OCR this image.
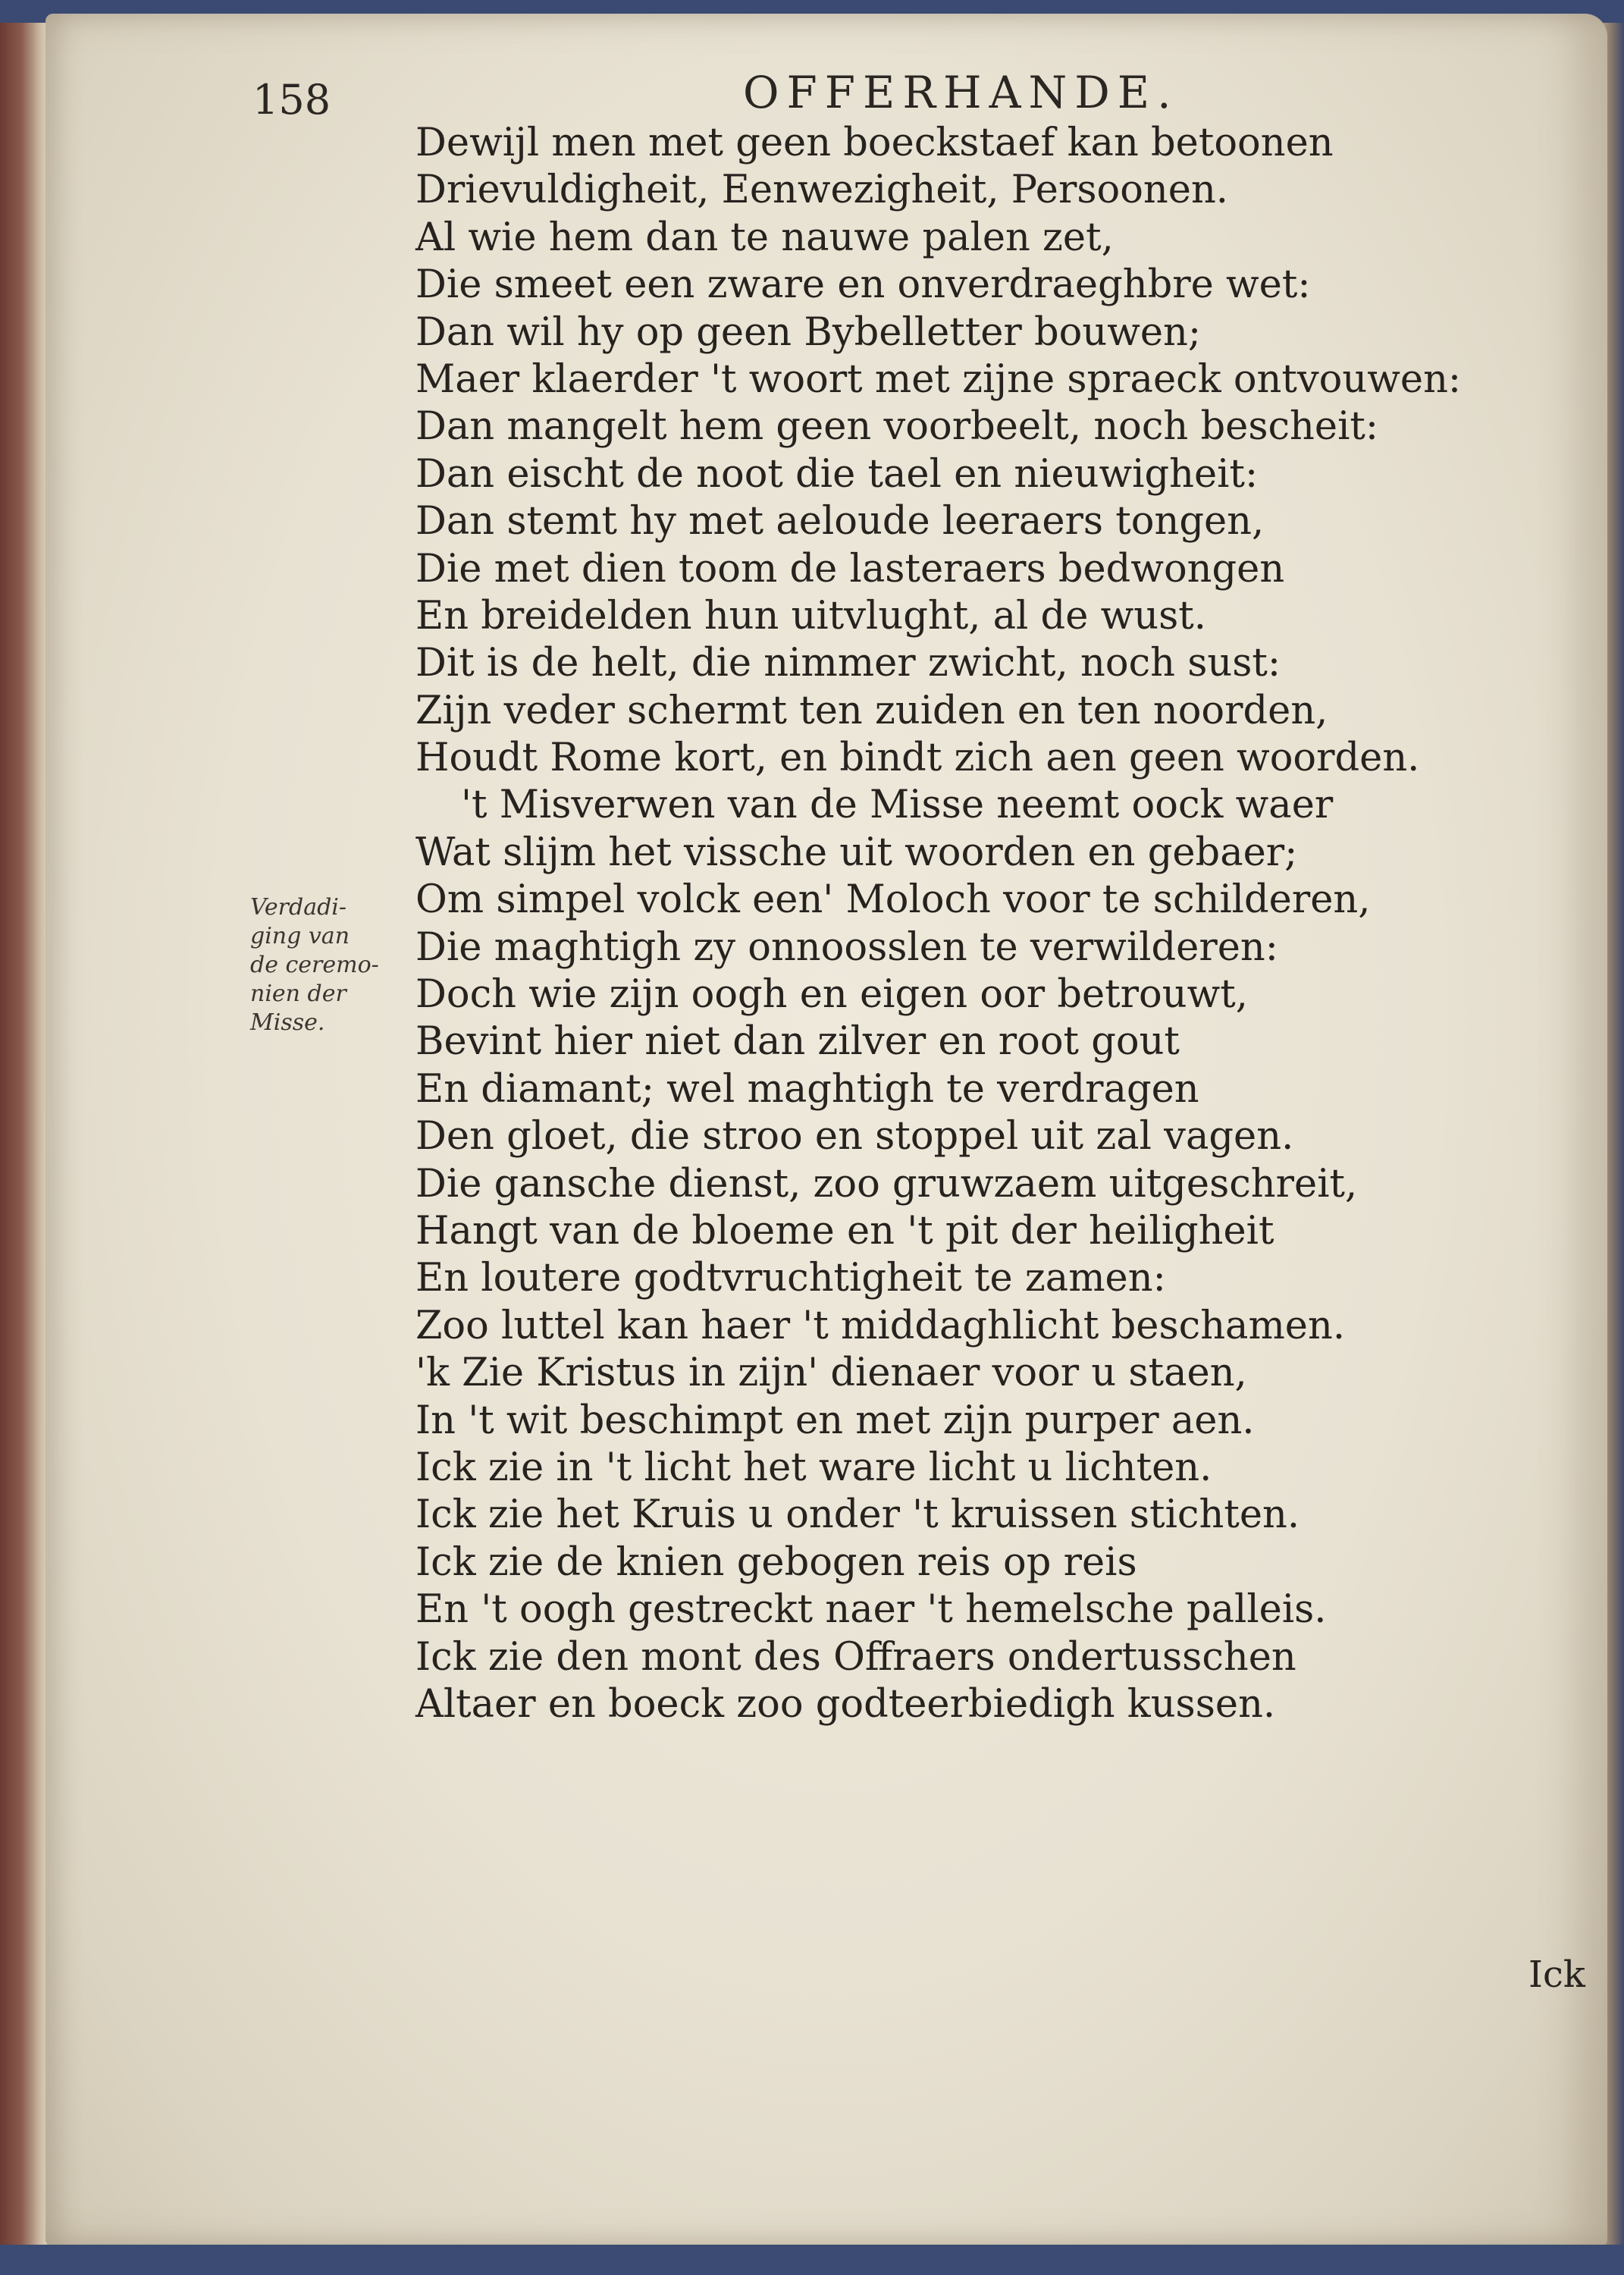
158	OFFERHANDE.
Verdadi-
ging van
de ceremo-
nien der
Misse.
Dewijl men met geen boeckstaef kan betoonen
Drievuldigheit, Eenwezigheit, Persoonen.
Al wie hem dan te nauwe palen zet,
Die smeet een zware en onverdraeghbre wet:
Dan wil hy op geen Bybelletter bouwen;
Maer klaerder 't woort met zijne spraeck ontvouwen:
Dan mangelt hem geen voorbeelt, noch bescheit:
Dan eischt de noot die tael en nieuwigheit:
Dan stemt hy met aeloude leeraers tongen,
Die met dien toom de lasteraers bedwongen
En breidelden hun uitvlught, al de wust.
Dit is de helt, die nimmer zwicht, noch sust:
Zijn veder schermt ten zuiden en ten noorden,
Houdt Rome kort, en bindt zich aen geen woorden.
't Misverwen van de Misse neemt oock waer
Wat slijm het vissche uit woorden en gebaer;
Om simpel volck een' Moloch voor te schilderen,
Die maghtigh zy onnoosslen te verwilderen:
Doch wie zijn oogh en eigen oor betrouwt,
Bevint hier niet dan zilver en root gout
En diamant; wel maghtigh te verdragen
Den gloet, die stroo en stoppel uit zal vagen.
Die gansche dienst, zoo gruwzaem uitgeschreit,
Hangt van de bloeme en 't pit der heiligheit
En loutere godtvruchtigheit te zamen:
Zoo luttel kan haer 't middaghlicht beschamen.
'k Zie Kristus in zijn' dienaer voor u staen,
In 't wit beschimpt en met zijn purper aen.
Ick zie in 't licht het ware licht u lichten.
Ick zie het Kruis u onder 't kruissen stichten.
Ick zie de knien gebogen reis op reis
En 't oogh gestreckt naer 't hemelsche palleis.
Ick zie den mont des Offraers ondertusschen
Altaer en boeck zoo godteerbiedigh kussen.
Ick
